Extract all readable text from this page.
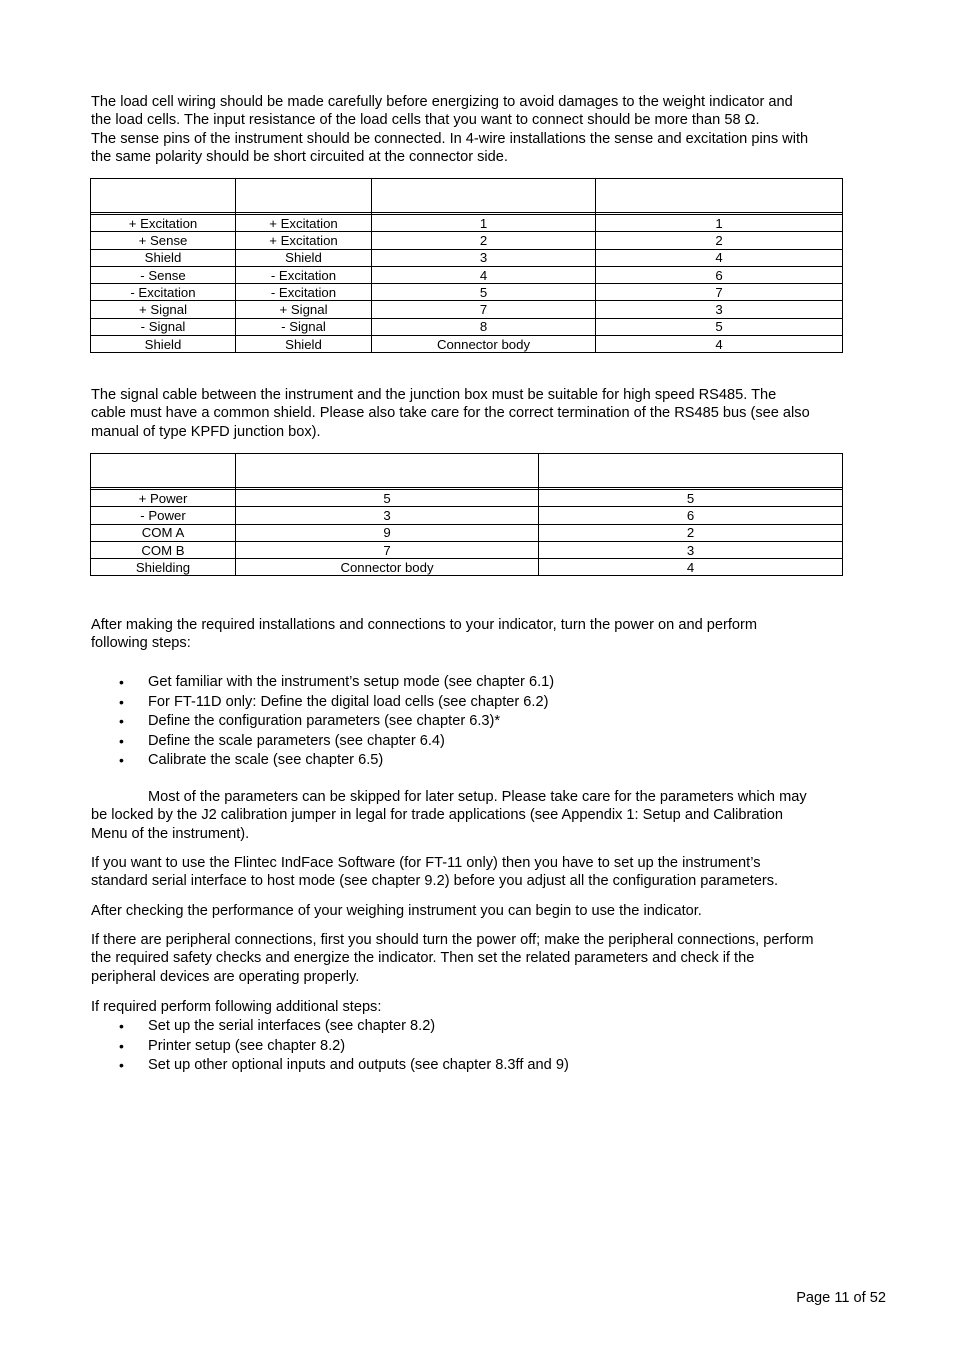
The load cell wiring should be made carefully before energizing to avoid damages to the weight indicator and
the load cells. The input resistance of the load cells that you want to connect should be more than 58 Ω.
The sense pins of the instrument should be connected. In 4-wire installations the sense and excitation pins with
the same polarity should be short circuited at the connector side.

+ Excitation	+ Excitation	1	1
+ Sense	+ Excitation	2	2
Shield	Shield	3	4
- Sense	- Excitation	4	6
- Excitation	- Excitation	5	7
+ Signal	+ Signal	7	3
- Signal	- Signal	8	5
Shield	Shield	Connector body	4
The signal cable between the instrument and the junction box must be suitable for high speed RS485. The
cable must have a common shield. Please also take care for the correct termination of the RS485 bus (see also
manual of type KPFD junction box).

+ Power	5	5
- Power	3	6
COM A	9	2
COM B	7	3
Shielding	Connector body	4
After making the required installations and connections to your indicator, turn the power on and perform
following steps:
• Get familiar with the instrument’s setup mode (see chapter 6.1)
• For FT-11D only: Define the digital load cells (see chapter 6.2)
• Define the configuration parameters (see chapter 6.3)*
• Define the scale parameters (see chapter 6.4)
• Calibrate the scale (see chapter 6.5)
Most of the parameters can be skipped for later setup. Please take care for the parameters which may
be locked by the J2 calibration jumper in legal for trade applications (see Appendix 1: Setup and Calibration
Menu of the instrument).
If you want to use the Flintec IndFace Software (for FT-11 only) then you have to set up the instrument’s
standard serial interface to host mode (see chapter 9.2) before you adjust all the configuration parameters.
After checking the performance of your weighing instrument you can begin to use the indicator.
If there are peripheral connections, first you should turn the power off; make the peripheral connections, perform
the required safety checks and energize the indicator. Then set the related parameters and check if the
peripheral devices are operating properly.
If required perform following additional steps:
• Set up the serial interfaces (see chapter 8.2)
• Printer setup (see chapter 8.2)
• Set up other optional inputs and outputs (see chapter 8.3ff and 9)
Page 11 of 52
